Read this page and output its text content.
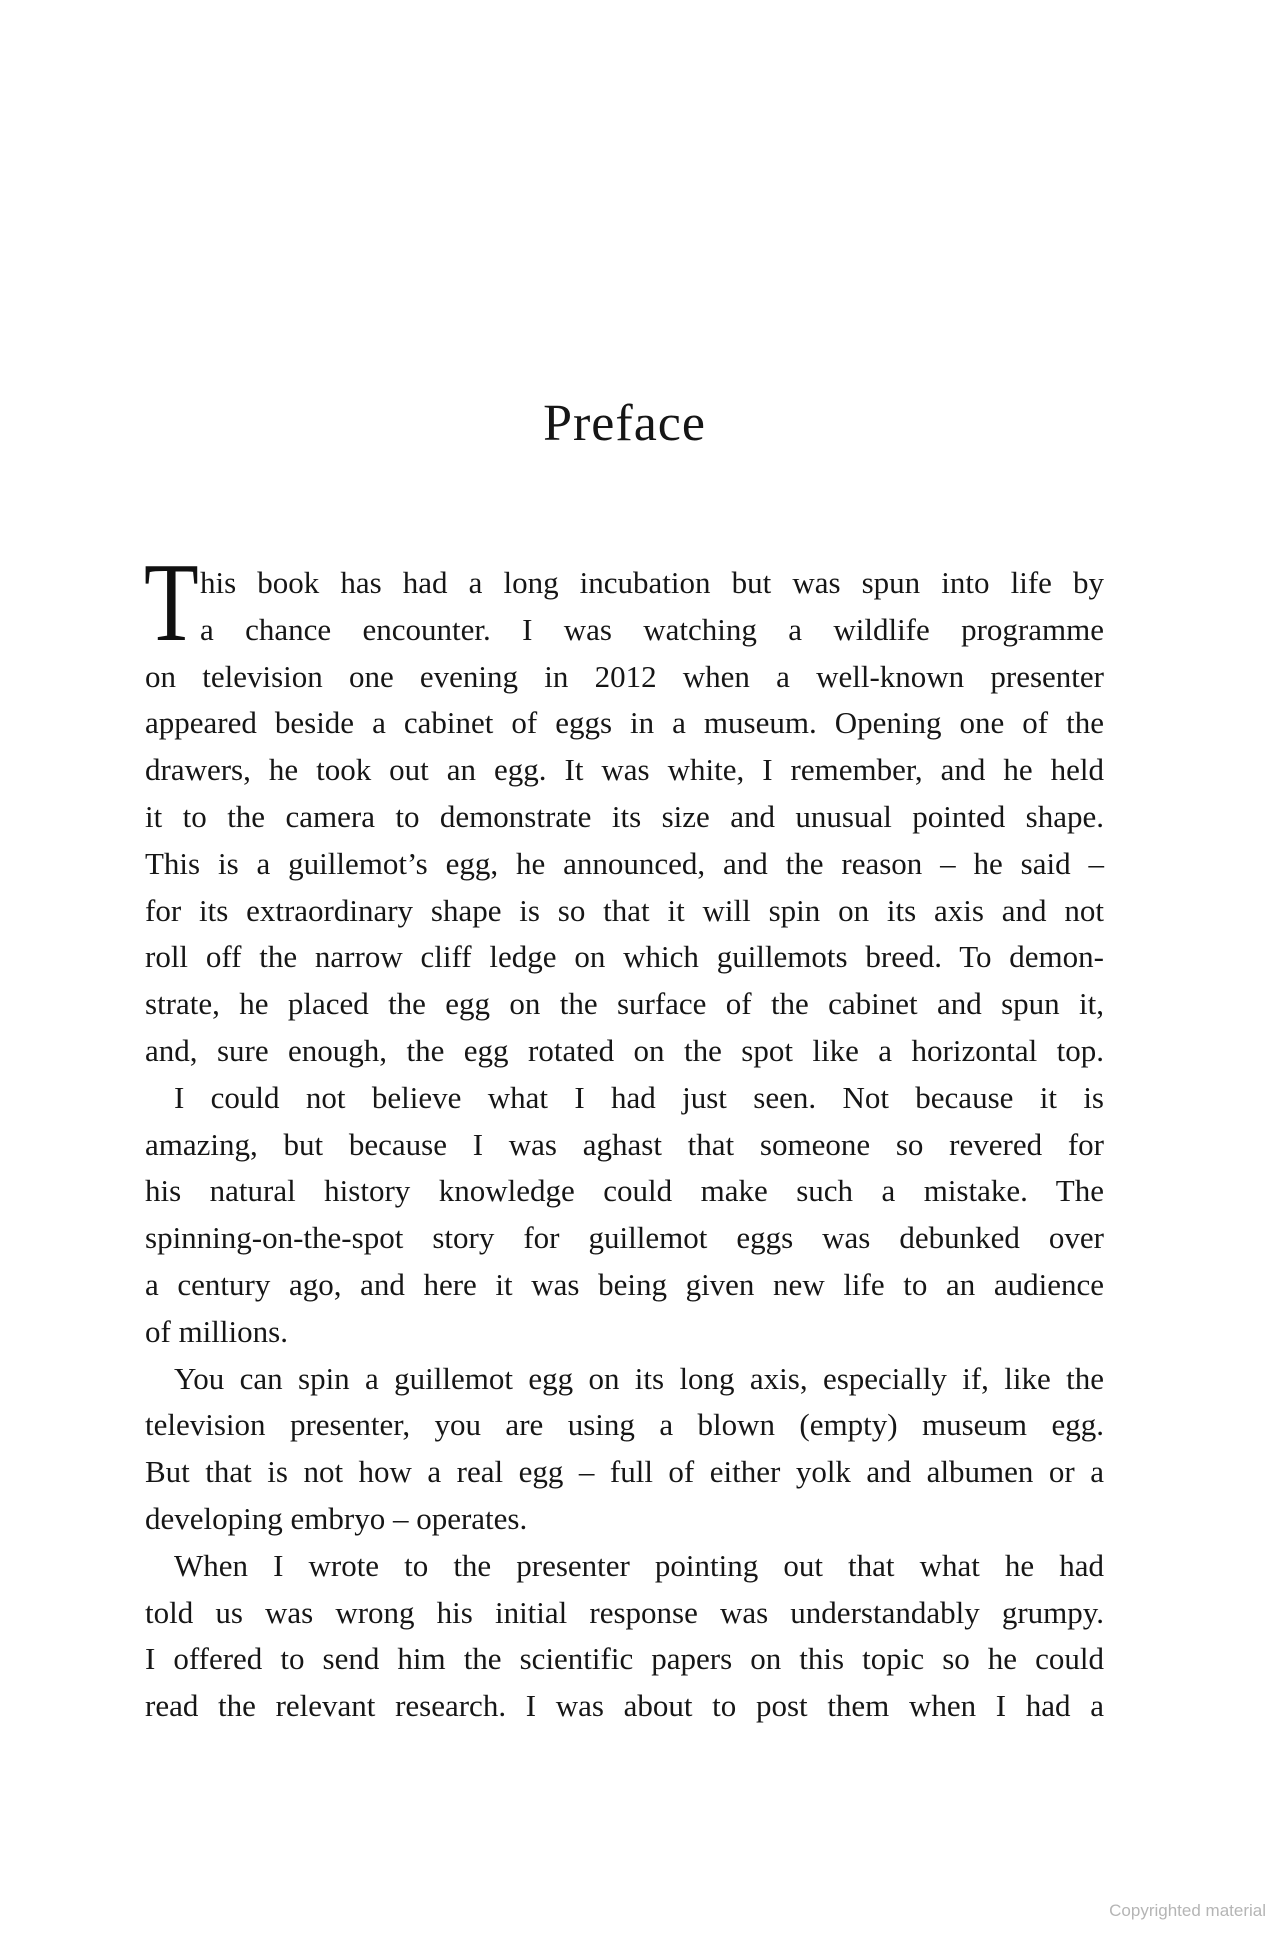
Preface
T his book has had a long incubation but was spun into life by
a chance encounter. I was watching a wildlife programme
on television one evening in 2012 when a well-known presenter
appeared beside a cabinet of eggs in a museum. Opening one of the
drawers, he took out an egg. It was white, I remember, and he held
it to the camera to demonstrate its size and unusual pointed shape.
This is a guillemot’s egg, he announced, and the reason – he said –
for its extraordinary shape is so that it will spin on its axis and not
roll off the narrow cliff ledge on which guillemots breed. To demon-
strate, he placed the egg on the surface of the cabinet and spun it,
and, sure enough, the egg rotated on the spot like a horizontal top.
I could not believe what I had just seen. Not because it is
amazing, but because I was aghast that someone so revered for
his natural history knowledge could make such a mistake. The
spinning-on-the-spot story for guillemot eggs was debunked over
a century ago, and here it was being given new life to an audience
of millions.
You can spin a guillemot egg on its long axis, especially if, like the
television presenter, you are using a blown (empty) museum egg.
But that is not how a real egg – full of either yolk and albumen or a
developing embryo – operates.
When I wrote to the presenter pointing out that what he had
told us was wrong his initial response was understandably grumpy.
I offered to send him the scientific papers on this topic so he could
read the relevant research. I was about to post them when I had a
Copyrighted material
